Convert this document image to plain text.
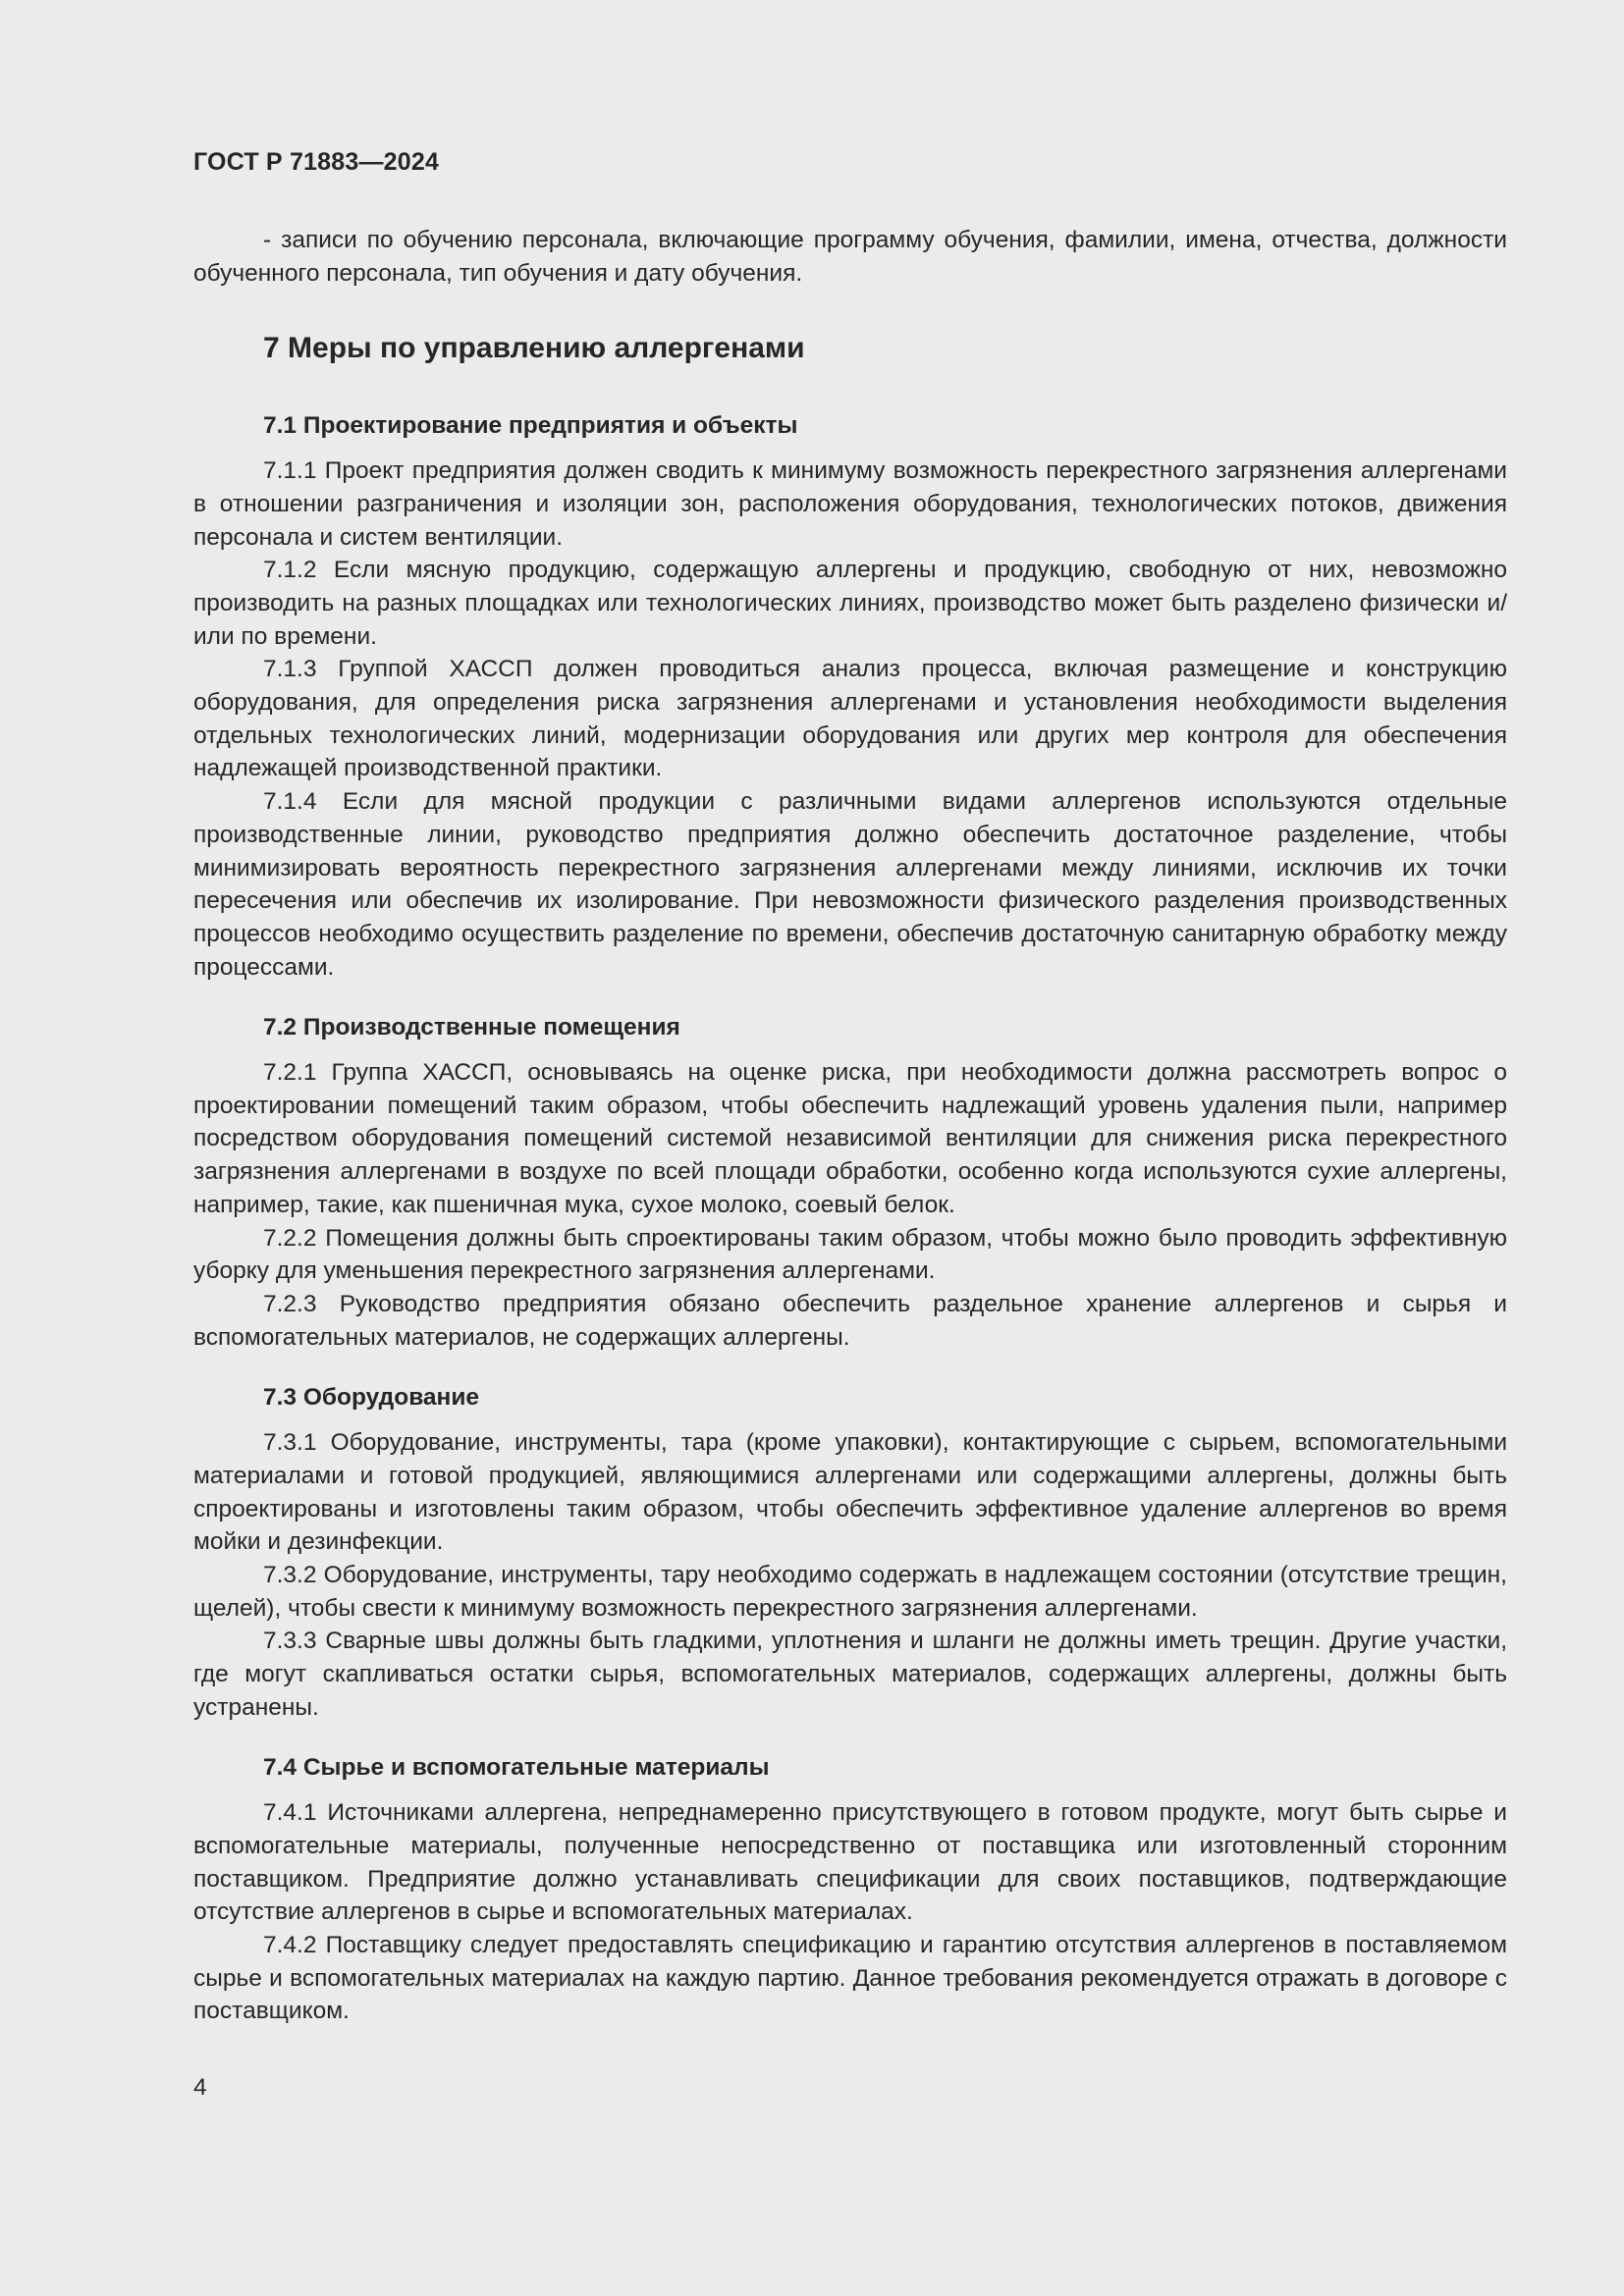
ГОСТ Р 71883—2024

- записи по обучению персонала, включающие программу обучения, фамилии, имена, отчества, должности обученного персонала, тип обучения и дату обучения.

7 Меры по управлению аллергенами
7.1 Проектирование предприятия и объекты

7.1.1 Проект предприятия должен сводить к минимуму возможность перекрестного загрязнения аллергенами в отношении разграничения и изоляции зон, расположения оборудования, технологических потоков, движения персонала и систем вентиляции.

7.1.2 Если мясную продукцию, содержащую аллергены и продукцию, свободную от них, невозможно производить на разных площадках или технологических линиях, производство может быть разделено физически и/или по времени.

7.1.3 Группой ХАССП должен проводиться анализ процесса, включая размещение и конструкцию оборудования, для определения риска загрязнения аллергенами и установления необходимости выделения отдельных технологических линий, модернизации оборудования или других мер контроля для обеспечения надлежащей производственной практики.

7.1.4 Если для мясной продукции с различными видами аллергенов используются отдельные производственные линии, руководство предприятия должно обеспечить достаточное разделение, чтобы минимизировать вероятность перекрестного загрязнения аллергенами между линиями, исключив их точки пересечения или обеспечив их изолирование. При невозможности физического разделения производственных процессов необходимо осуществить разделение по времени, обеспечив достаточную санитарную обработку между процессами.

7.2 Производственные помещения

7.2.1 Группа ХАССП, основываясь на оценке риска, при необходимости должна рассмотреть вопрос о проектировании помещений таким образом, чтобы обеспечить надлежащий уровень удаления пыли, например посредством оборудования помещений системой независимой вентиляции для снижения риска перекрестного загрязнения аллергенами в воздухе по всей площади обработки, особенно когда используются сухие аллергены, например, такие, как пшеничная мука, сухое молоко, соевый белок.

7.2.2 Помещения должны быть спроектированы таким образом, чтобы можно было проводить эффективную уборку для уменьшения перекрестного загрязнения аллергенами.

7.2.3 Руководство предприятия обязано обеспечить раздельное хранение аллергенов и сырья и вспомогательных материалов, не содержащих аллергены.

7.3 Оборудование

7.3.1 Оборудование, инструменты, тара (кроме упаковки), контактирующие с сырьем, вспомогательными материалами и готовой продукцией, являющимися аллергенами или содержащими аллергены, должны быть спроектированы и изготовлены таким образом, чтобы обеспечить эффективное удаление аллергенов во время мойки и дезинфекции.

7.3.2 Оборудование, инструменты, тару необходимо содержать в надлежащем состоянии (отсутствие трещин, щелей), чтобы свести к минимуму возможность перекрестного загрязнения аллергенами.

7.3.3 Сварные швы должны быть гладкими, уплотнения и шланги не должны иметь трещин. Другие участки, где могут скапливаться остатки сырья, вспомогательных материалов, содержащих аллергены, должны быть устранены.

7.4 Сырье и вспомогательные материалы

7.4.1 Источниками аллергена, непреднамеренно присутствующего в готовом продукте, могут быть сырье и вспомогательные материалы, полученные непосредственно от поставщика или изготовленный сторонним поставщиком. Предприятие должно устанавливать спецификации для своих поставщиков, подтверждающие отсутствие аллергенов в сырье и вспомогательных материалах.

7.4.2 Поставщику следует предоставлять спецификацию и гарантию отсутствия аллергенов в поставляемом сырье и вспомогательных материалах на каждую партию. Данное требования рекомендуется отражать в договоре с поставщиком.

4
